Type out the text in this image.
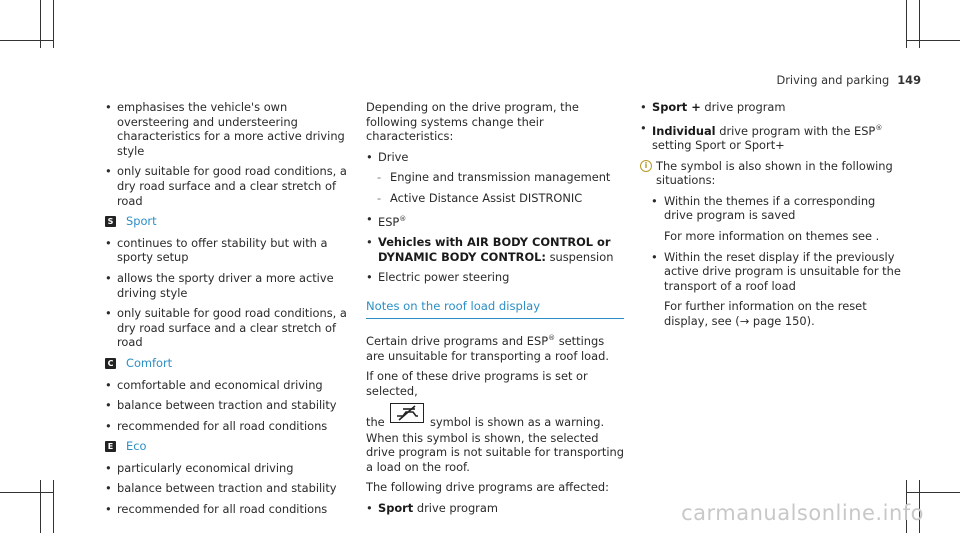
Driving and parking 149
• emphasises the vehicle's own oversteering and understeering characteristics for a more active driving style
• only suitable for good road conditions, a dry road surface and a clear stretch of road
S Sport
• continues to offer stability but with a sporty setup
• allows the sporty driver a more active driving style
• only suitable for good road conditions, a dry road surface and a clear stretch of road
C Comfort
• comfortable and economical driving
• balance between traction and stability
• recommended for all road conditions
E Eco
• particularly economical driving
• balance between traction and stability
• recommended for all road conditions
Depending on the drive program, the following systems change their characteristics:
• Drive
- Engine and transmission management
- Active Distance Assist DISTRONIC
• ESP®
• Vehicles with AIR BODY CONTROL or DYNAMIC BODY CONTROL: suspension
• Electric power steering
Notes on the roof load display
Certain drive programs and ESP® settings are unsuitable for transporting a roof load.
If one of these drive programs is set or selected,
the	symbol is shown as a warning. When this symbol is shown, the selected drive program is not suitable for transporting a load on the roof.
The following drive programs are affected:
• Sport drive program
• Sport + drive program
• Individual drive program with the ESP® setting Sport or Sport+
i The symbol is also shown in the following situations:
• Within the themes if a corresponding drive program is saved
For more information on themes see .
• Within the reset display if the previously active drive program is unsuitable for the transport of a roof load
For further information on the reset display, see (→ page 150).
carmanualsonline.info
